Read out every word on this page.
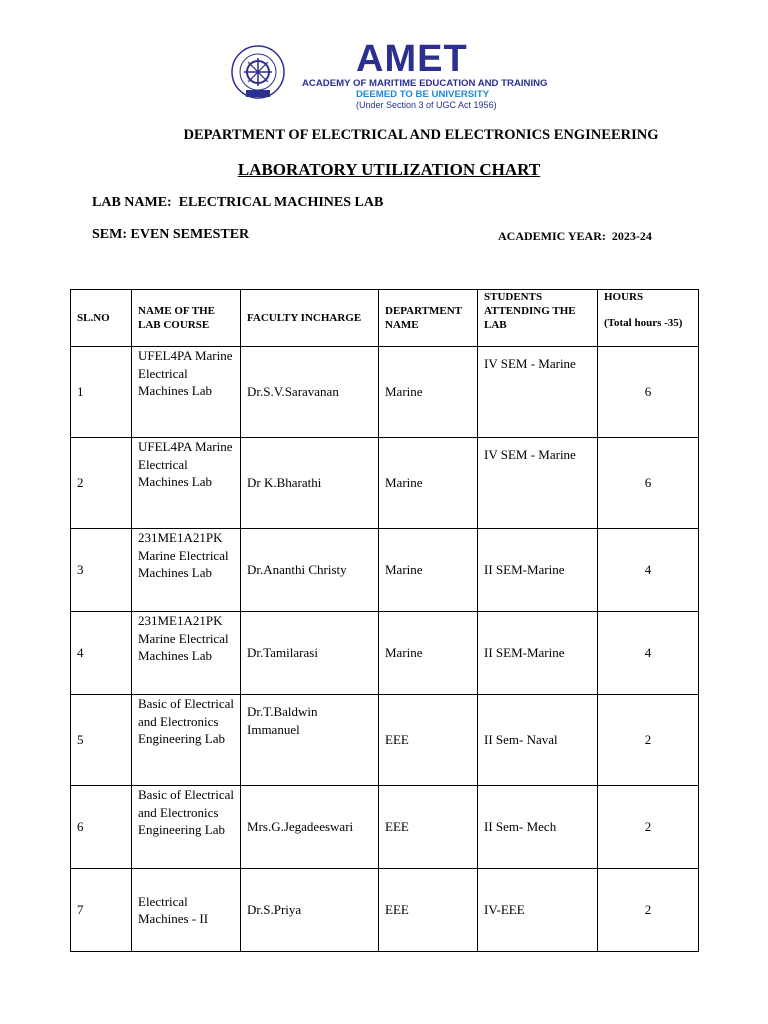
AMET
ACADEMY OF MARITIME EDUCATION AND TRAINING
DEEMED TO BE UNIVERSITY
(Under Section 3 of UGC Act 1956)
DEPARTMENT OF ELECTRICAL AND ELECTRONICS ENGINEERING
LABORATORY UTILIZATION CHART
LAB NAME:  ELECTRICAL MACHINES LAB
SEM: EVEN SEMESTER	ACADEMIC YEAR:  2023-24
SL.NO	NAME OF THE LAB COURSE	FACULTY INCHARGE	DEPARTMENT NAME	STUDENTS ATTENDING THE LAB	HOURS
(Total hours -35)

1	UFEL4PA Marine Electrical Machines Lab	Dr.S.V.Saravanan	Marine	IV SEM - Marine	6
2	UFEL4PA Marine Electrical Machines Lab	Dr K.Bharathi	Marine	IV SEM - Marine	6
3	231ME1A21PK Marine Electrical Machines Lab	Dr.Ananthi Christy	Marine	II SEM-Marine	4
4	231ME1A21PK Marine Electrical Machines Lab	Dr.Tamilarasi	Marine	II SEM-Marine	4
5	Basic of Electrical and Electronics Engineering Lab	Dr.T.Baldwin Immanuel	EEE	II Sem- Naval	2
6	Basic of Electrical and Electronics Engineering Lab	Mrs.G.Jegadeeswari	EEE	II Sem- Mech	2
7	Electrical Machines - II	Dr.S.Priya	EEE	IV-EEE	2
